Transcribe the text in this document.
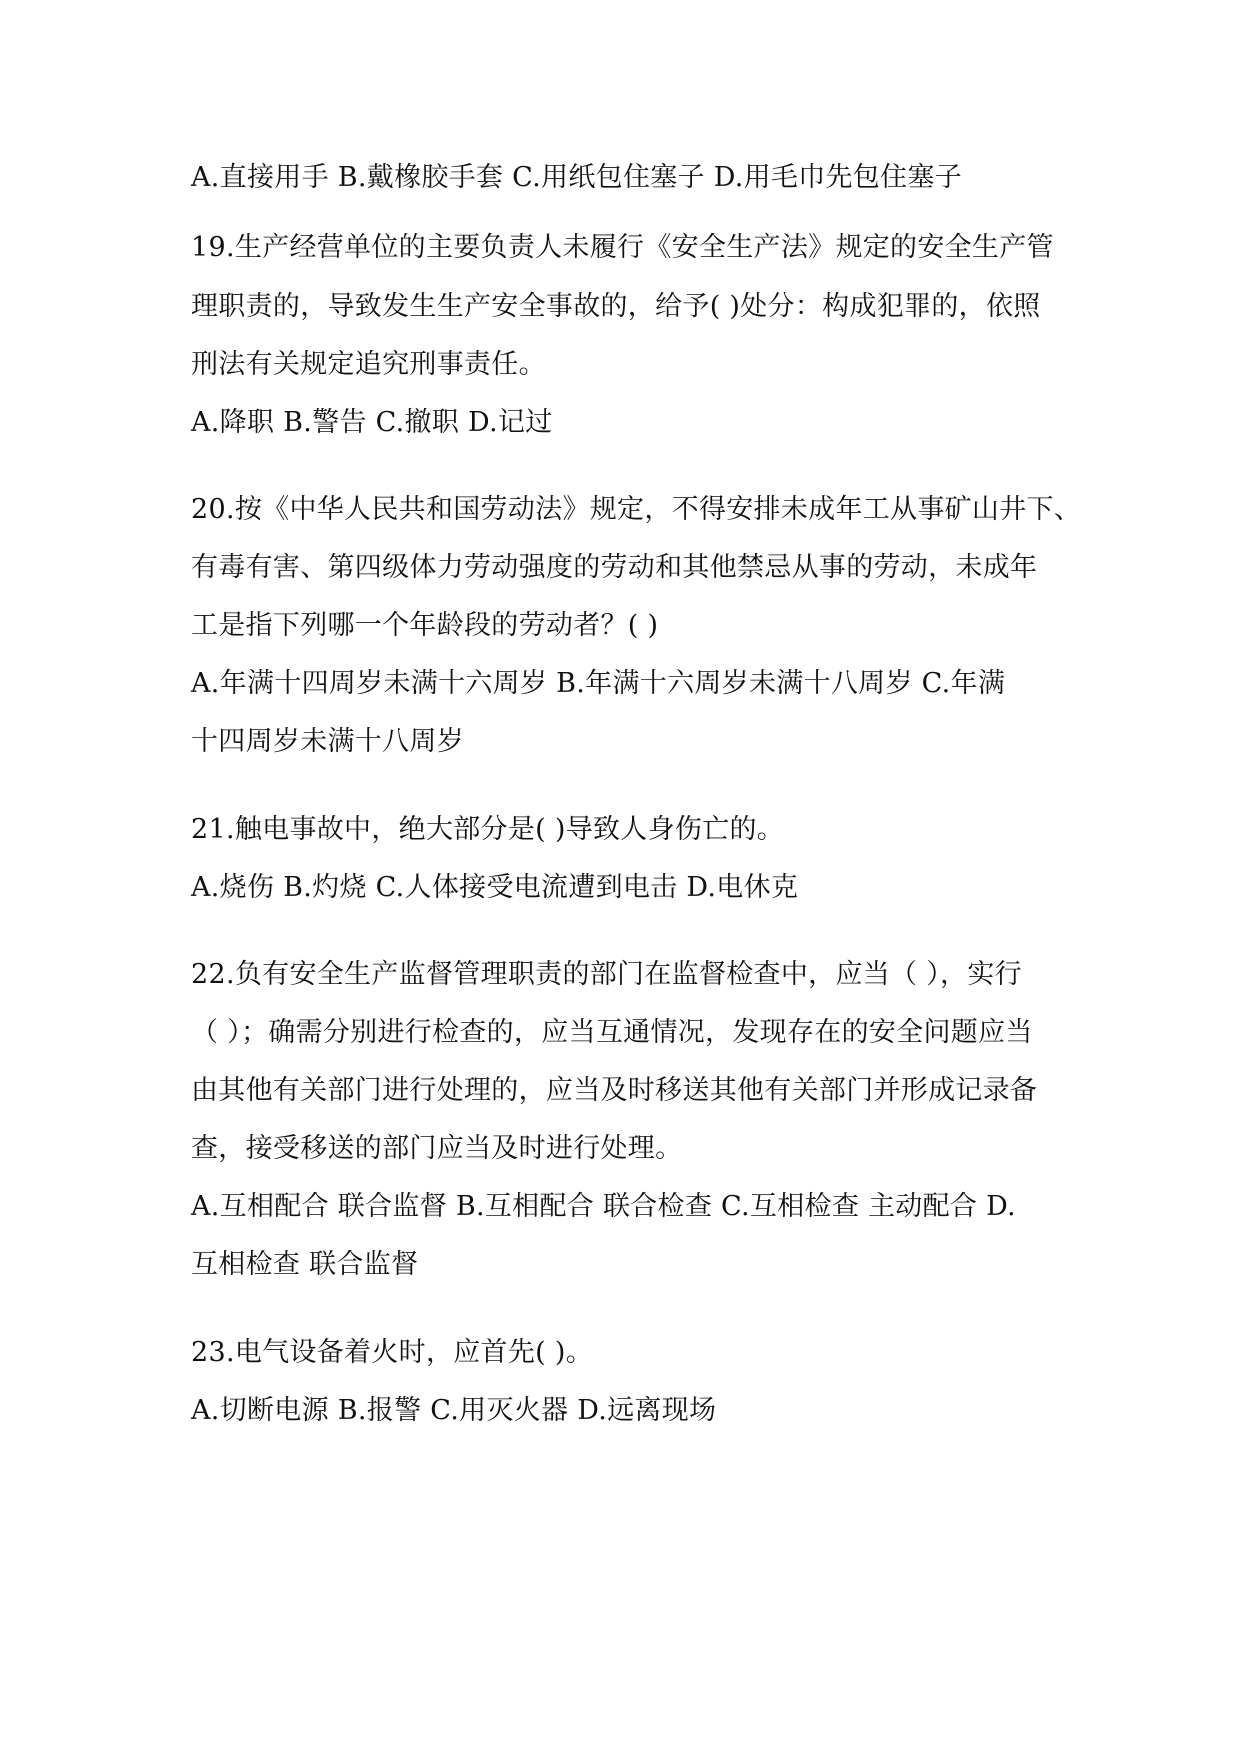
A.直接用手 B.戴橡胶手套 C.用纸包住塞子 D.用毛巾先包住塞子
19.生产经营单位的主要负责人未履行《安全生产法》规定的安全生产管
理职责的，导致发生生产安全事故的，给予( )处分：构成犯罪的，依照
刑法有关规定追究刑事责任。
A.降职 B.警告 C.撤职 D.记过
20.按《中华人民共和国劳动法》规定，不得安排未成年工从事矿山井下、
有毒有害、第四级体力劳动强度的劳动和其他禁忌从事的劳动，未成年
工是指下列哪一个年龄段的劳动者？( )
A.年满十四周岁未满十六周岁 B.年满十六周岁未满十八周岁 C.年满
十四周岁未满十八周岁
21.触电事故中，绝大部分是( )导致人身伤亡的。
A.烧伤 B.灼烧 C.人体接受电流遭到电击 D.电休克
22.负有安全生产监督管理职责的部门在监督检查中，应当（ ），实行
（ ）；确需分别进行检查的，应当互通情况，发现存在的安全问题应当
由其他有关部门进行处理的，应当及时移送其他有关部门并形成记录备
查，接受移送的部门应当及时进行处理。
A.互相配合 联合监督 B.互相配合 联合检查 C.互相检查 主动配合 D.
互相检查 联合监督
23.电气设备着火时，应首先( )。
A.切断电源 B.报警 C.用灭火器 D.远离现场
